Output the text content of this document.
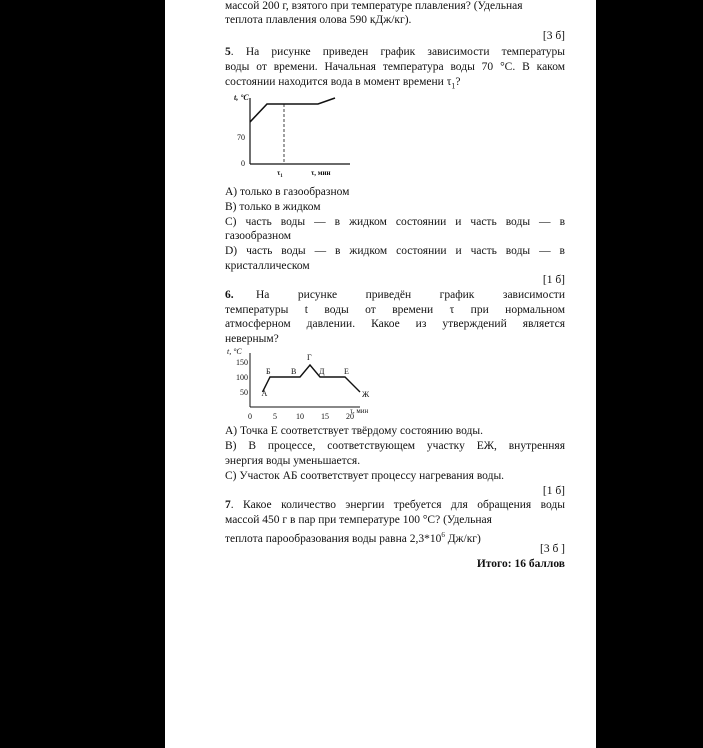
массой 200 г, взятого при температуре плавления? (Удельная
теплота плавления олова 590 кДж/кг).
[3 б]
5. На рисунке приведен график зависимости температуры
воды от времени. Начальная температура воды 70 °С. В каком
состоянии находится вода в момент времени $\tau_1$?
t, °С
70
0
$\tau_1$	τ, мин
A) только в газообразном
B) только в жидком
C) часть воды — в жидком состоянии и часть воды — в
газообразном
D) часть воды — в жидком состоянии и часть воды — в
кристаллическом
[1 б]
6. На рисунке приведён график зависимости
температуры t воды от времени τ при нормальном
атмосферном давлении. Какое из утверждений является
неверным?
t, °С
τ, мин
50
100
150
0	5 10 15 20
А
Б	В
Г
Д Е
Ж
A) Точка Е соответствует твёрдому состоянию воды.
B) В процессе, соответствующем участку ЕЖ, внутренняя
энергия воды уменьшается.
C) Участок АБ соответствует процессу нагревания воды.
[1 б]
7. Какое количество энергии требуется для обращения воды
массой 450 г в пар при температуре 100 °С? (Удельная
теплота парообразования воды равна $2,3*10^6$ Дж/кг)
[3 б ]
Итого: 16 баллов
